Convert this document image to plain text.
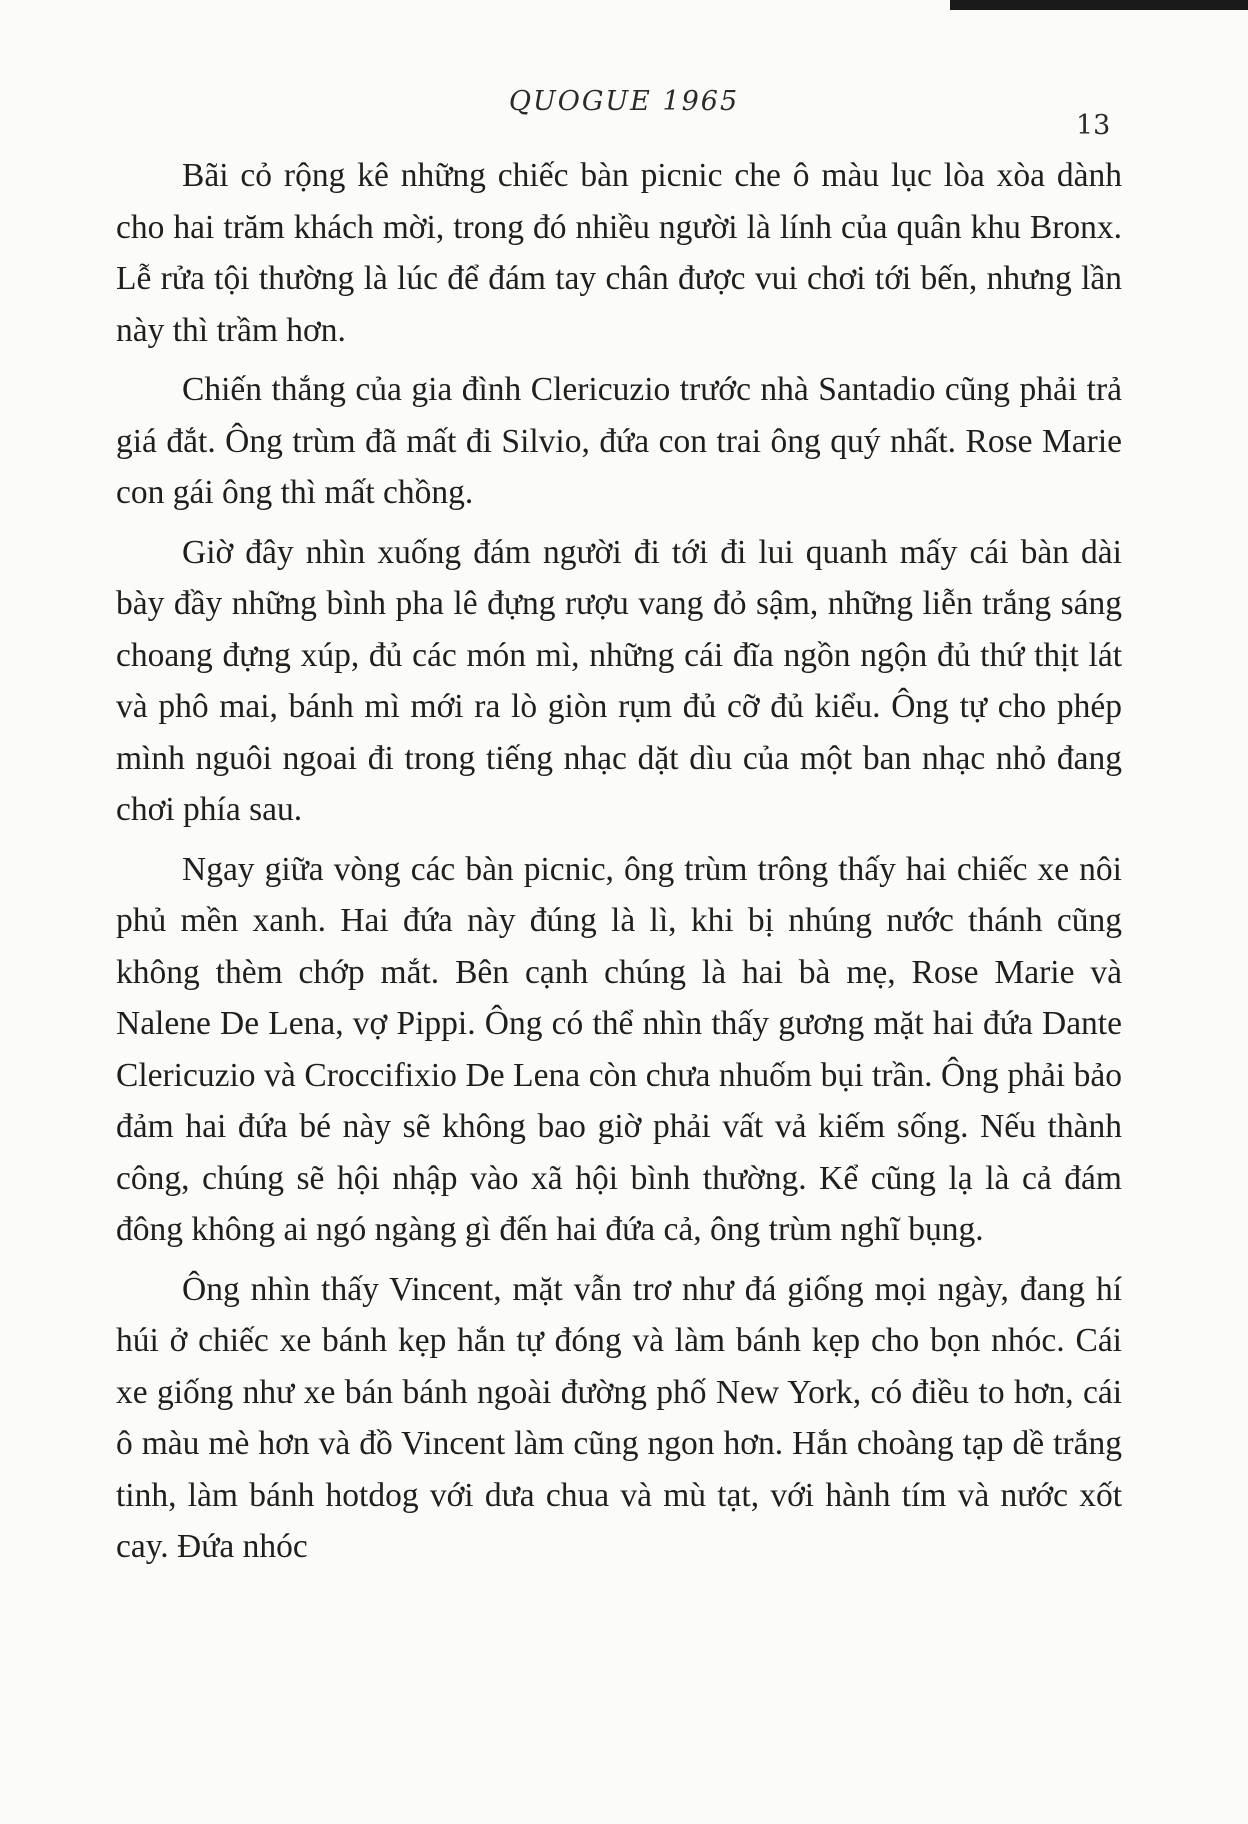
QUOGUE 1965
13

Bãi cỏ rộng kê những chiếc bàn picnic che ô màu lục lòa xòa dành cho hai trăm khách mời, trong đó nhiều người là lính của quân khu Bronx. Lễ rửa tội thường là lúc để đám tay chân được vui chơi tới bến, nhưng lần này thì trầm hơn.

Chiến thắng của gia đình Clericuzio trước nhà Santadio cũng phải trả giá đắt. Ông trùm đã mất đi Silvio, đứa con trai ông quý nhất. Rose Marie con gái ông thì mất chồng.

Giờ đây nhìn xuống đám người đi tới đi lui quanh mấy cái bàn dài bày đầy những bình pha lê đựng rượu vang đỏ sậm, những liễn trắng sáng choang đựng xúp, đủ các món mì, những cái đĩa ngồn ngộn đủ thứ thịt lát và phô mai, bánh mì mới ra lò giòn rụm đủ cỡ đủ kiểu. Ông tự cho phép mình nguôi ngoai đi trong tiếng nhạc dặt dìu của một ban nhạc nhỏ đang chơi phía sau.

Ngay giữa vòng các bàn picnic, ông trùm trông thấy hai chiếc xe nôi phủ mền xanh. Hai đứa này đúng là lì, khi bị nhúng nước thánh cũng không thèm chớp mắt. Bên cạnh chúng là hai bà mẹ, Rose Marie và Nalene De Lena, vợ Pippi. Ông có thể nhìn thấy gương mặt hai đứa Dante Clericuzio và Croccifixio De Lena còn chưa nhuốm bụi trần. Ông phải bảo đảm hai đứa bé này sẽ không bao giờ phải vất vả kiếm sống. Nếu thành công, chúng sẽ hội nhập vào xã hội bình thường. Kể cũng lạ là cả đám đông không ai ngó ngàng gì đến hai đứa cả, ông trùm nghĩ bụng.

Ông nhìn thấy Vincent, mặt vẫn trơ như đá giống mọi ngày, đang hí húi ở chiếc xe bánh kẹp hắn tự đóng và làm bánh kẹp cho bọn nhóc. Cái xe giống như xe bán bánh ngoài đường phố New York, có điều to hơn, cái ô màu mè hơn và đồ Vincent làm cũng ngon hơn. Hắn choàng tạp dề trắng tinh, làm bánh hotdog với dưa chua và mù tạt, với hành tím và nước xốt cay. Đứa nhóc
